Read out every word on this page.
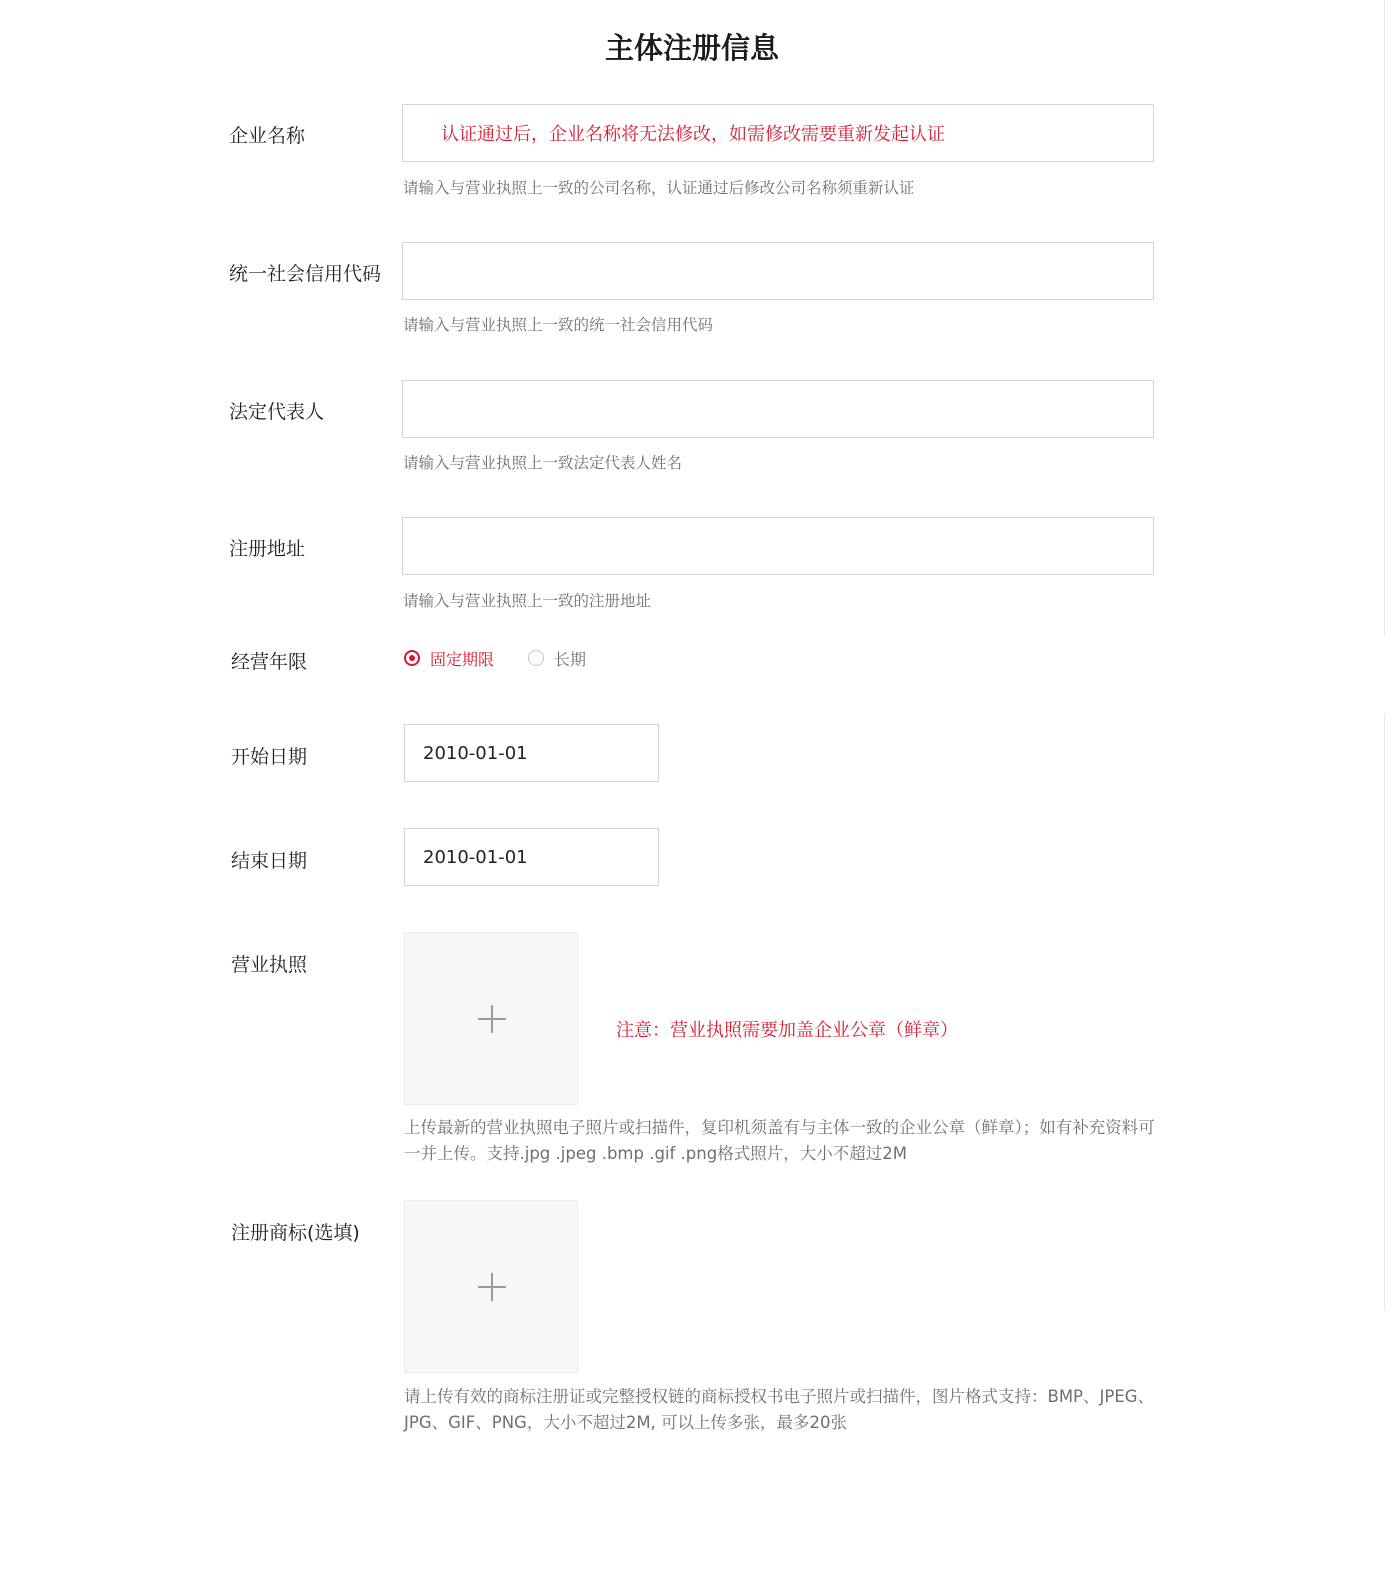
主体注册信息
企业名称
认证通过后，企业名称将无法修改，如需修改需要重新发起认证
请输入与营业执照上一致的公司名称，认证通过后修改公司名称须重新认证
统一社会信用代码
请输入与营业执照上一致的统一社会信用代码
法定代表人
请输入与营业执照上一致法定代表人姓名
注册地址
请输入与营业执照上一致的注册地址
经营年限	固定期限	长期
开始日期
2010-01-01
结束日期
2010-01-01
营业执照
注意：营业执照需要加盖企业公章（鲜章）
上传最新的营业执照电子照片或扫描件，复印机须盖有与主体一致的企业公章（鲜章）；如有补充资料可一并上传。支持.jpg .jpeg .bmp .gif .png格式照片，大小不超过2M
注册商标(选填)
请上传有效的商标注册证或完整授权链的商标授权书电子照片或扫描件，图片格式支持：BMP、JPEG、JPG、GIF、PNG，大小不超过2M, 可以上传多张，最多20张
